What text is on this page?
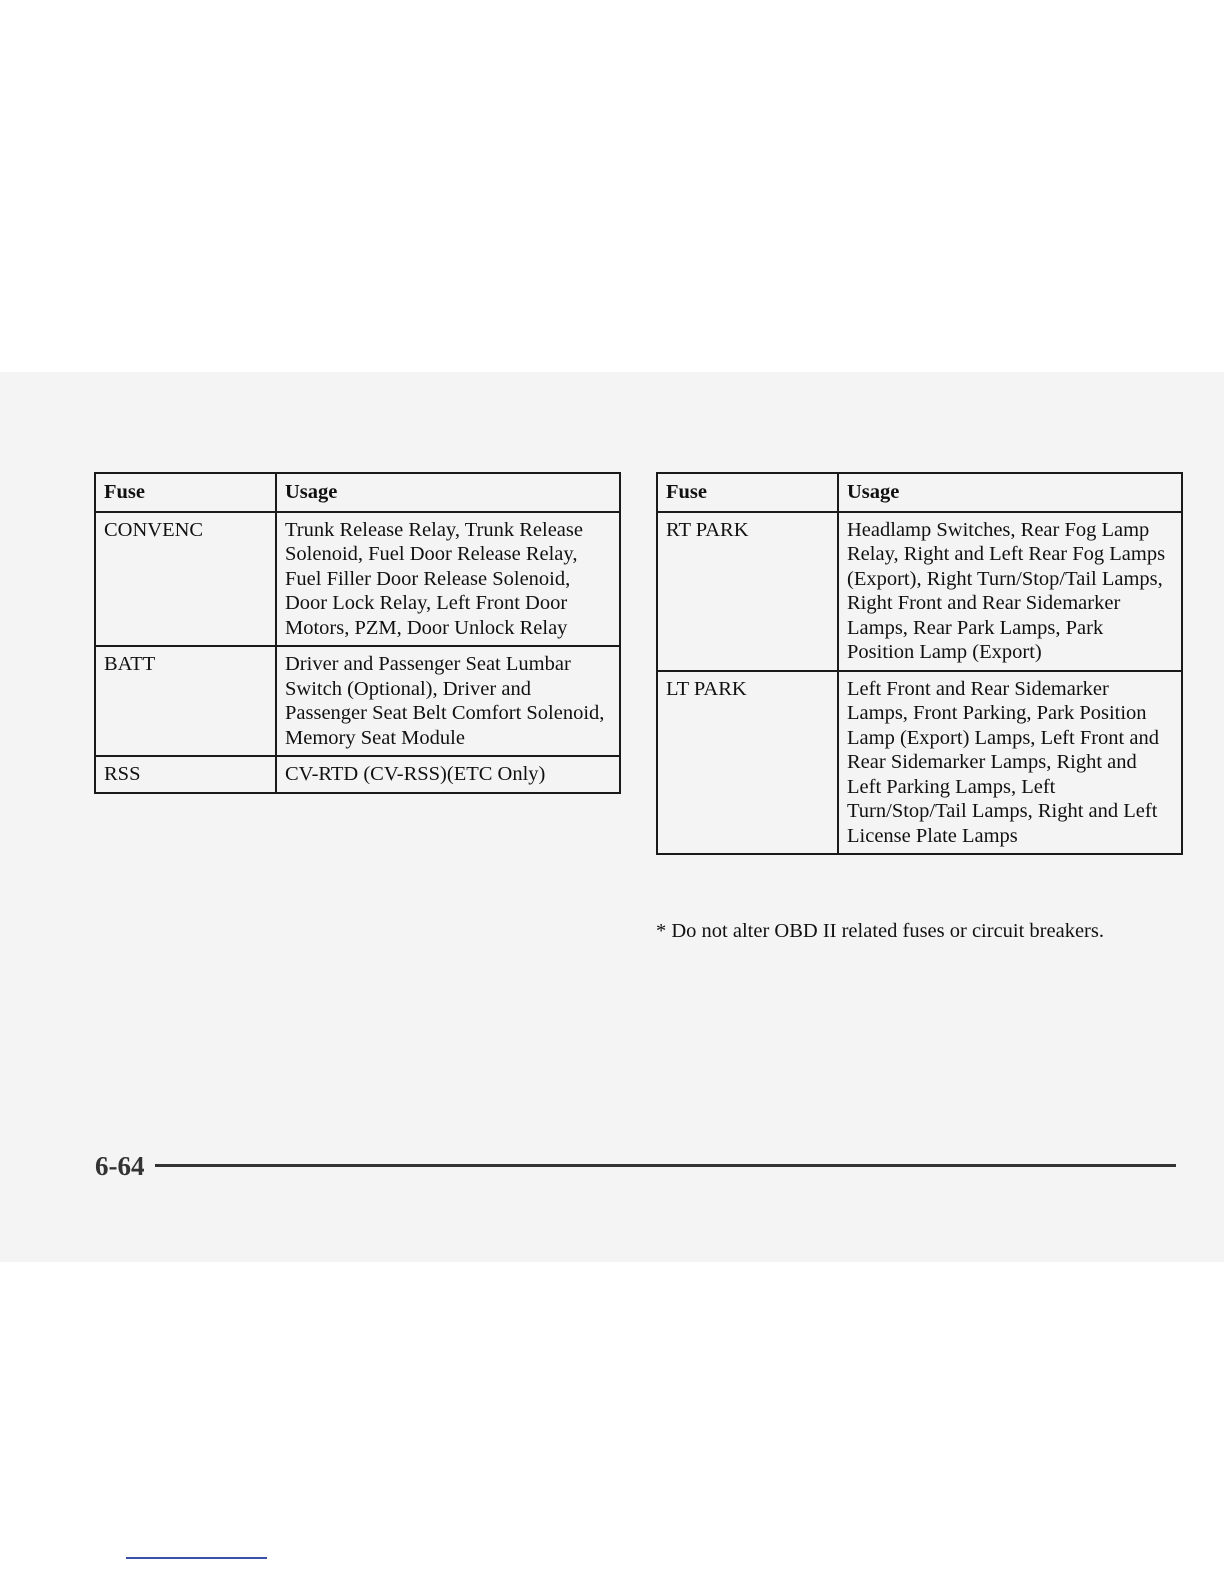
Fuse	Usage
CONVENC	Trunk Release Relay, Trunk Release Solenoid, Fuel Door Release Relay, Fuel Filler Door Release Solenoid, Door Lock Relay, Left Front Door Motors, PZM, Door Unlock Relay
BATT	Driver and Passenger Seat Lumbar Switch (Optional), Driver and Passenger Seat Belt Comfort Solenoid, Memory Seat Module
RSS	CV-RTD (CV-RSS)(ETC Only)
Fuse	Usage
RT PARK	Headlamp Switches, Rear Fog Lamp Relay, Right and Left Rear Fog Lamps (Export), Right Turn/Stop/Tail Lamps, Right Front and Rear Sidemarker Lamps, Rear Park Lamps, Park Position Lamp (Export)
LT PARK	Left Front and Rear Sidemarker Lamps, Front Parking, Park Position Lamp (Export) Lamps, Left Front and Rear Sidemarker Lamps, Right and Left Parking Lamps, Left Turn/Stop/Tail Lamps, Right and Left License Plate Lamps
* Do not alter OBD II related fuses or circuit breakers.
6-64
